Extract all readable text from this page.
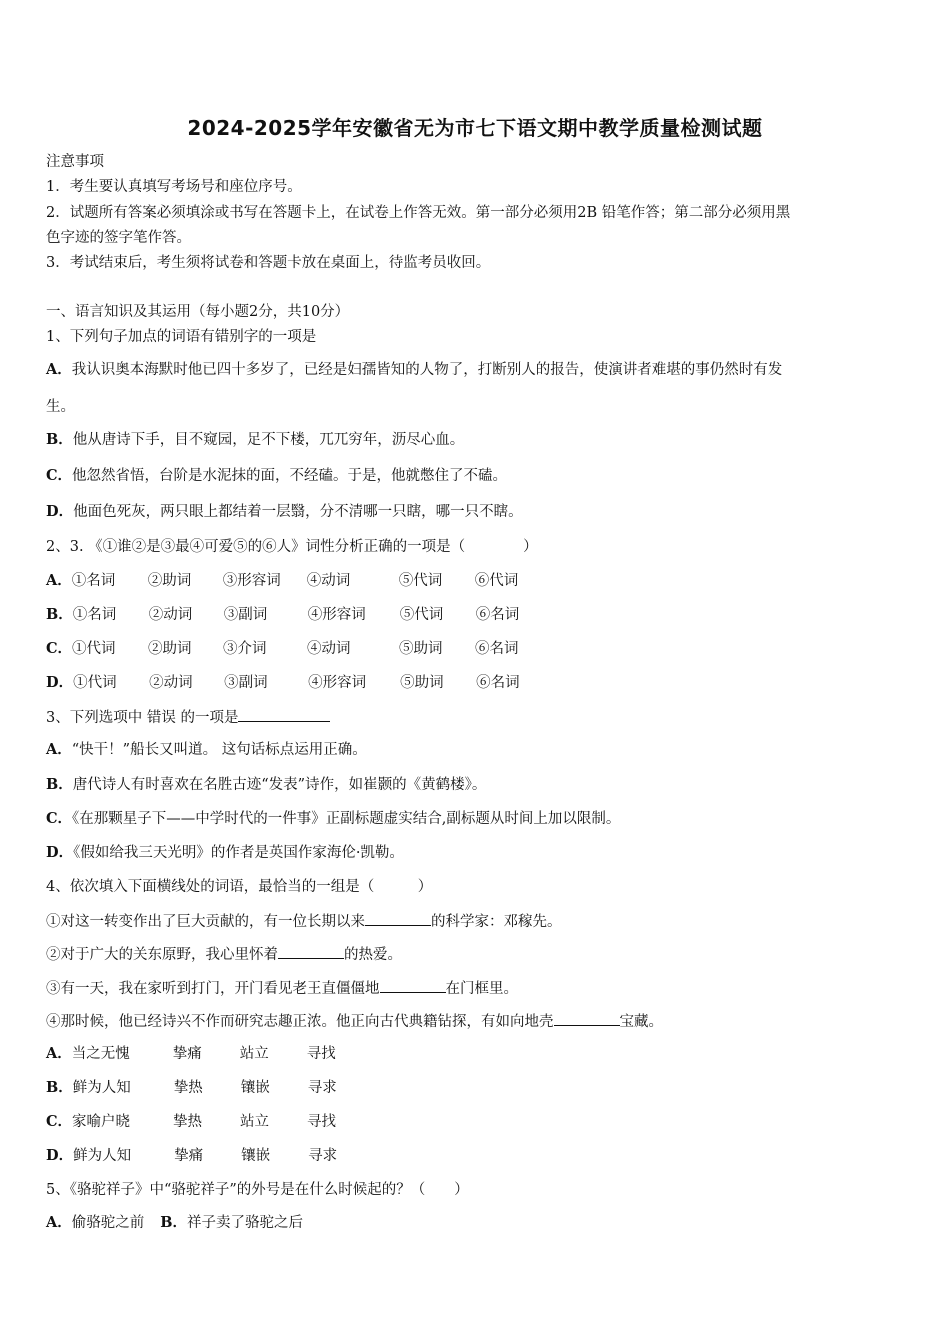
2024-2025学年安徽省无为市七下语文期中教学质量检测试题
注意事项
1．考生要认真填写考场号和座位序号。
2．试题所有答案必须填涂或书写在答题卡上，在试卷上作答无效。第一部分必须用2B 铅笔作答；第二部分必须用黑
色字迹的签字笔作答。
3．考试结束后，考生须将试卷和答题卡放在桌面上，待监考员收回。
一、语言知识及其运用（每小题2分，共10分）
1、下列句子加点的词语有错别字的一项是
A．我认识奥本海默时他已四十多岁了，已经是妇孺皆知的人物了，打断别人的报告，使演讲者难堪的事仍然时有发
生。
B．他从唐诗下手，目不窥园，足不下楼，兀兀穷年，沥尽心血。
C．他忽然省悟，台阶是水泥抹的面，不经磕。于是，他就憋住了不磕。
D．他面色死灰，两只眼上都结着一层翳，分不清哪一只瞎，哪一只不瞎。
2、3. 《①谁②是③最④可爱⑤的⑥人》词性分析正确的一项是（　　　　）
A．①名词 ②助词 ③形容词 ④动词	⑤代词 ⑥代词
B．①名词 ②动词 ③副词	④形容词 ⑤代词 ⑥名词
C．①代词 ②助词 ③介词	④动词	⑤助词 ⑥名词
D．①代词 ②动词 ③副词	④形容词 ⑤助词 ⑥名词
3、下列选项中 错误 的一项是
A．“快干！”船长又叫道。 这句话标点运用正确。
B．唐代诗人有时喜欢在名胜古迹“发表”诗作，如崔颢的《黄鹤楼》。
C．《在那颗星子下——中学时代的一件事》正副标题虚实结合,副标题从时间上加以限制。
D．《假如给我三天光明》的作者是英国作家海伦·凯勒。
4、依次填入下面横线处的词语，最恰当的一组是（　　　）
①对这一转变作出了巨大贡献的，有一位长期以来	的科学家：邓稼先。
②对于广大的关东原野，我心里怀着	的热爱。
③有一天，我在家听到打门，开门看见老王直僵僵地	在门框里。
④那时候，他已经诗兴不作而研究志趣正浓。他正向古代典籍钻探，有如向地壳	宝藏。
A．当之无愧	挚痛	站立	寻找
B．鲜为人知	挚热	镶嵌	寻求
C．家喻户晓	挚热	站立	寻找
D．鲜为人知	挚痛	镶嵌	寻求
5、《骆驼祥子》中“骆驼祥子”的外号是在什么时候起的？（　　）
A．偷骆驼之前 B．祥子卖了骆驼之后
